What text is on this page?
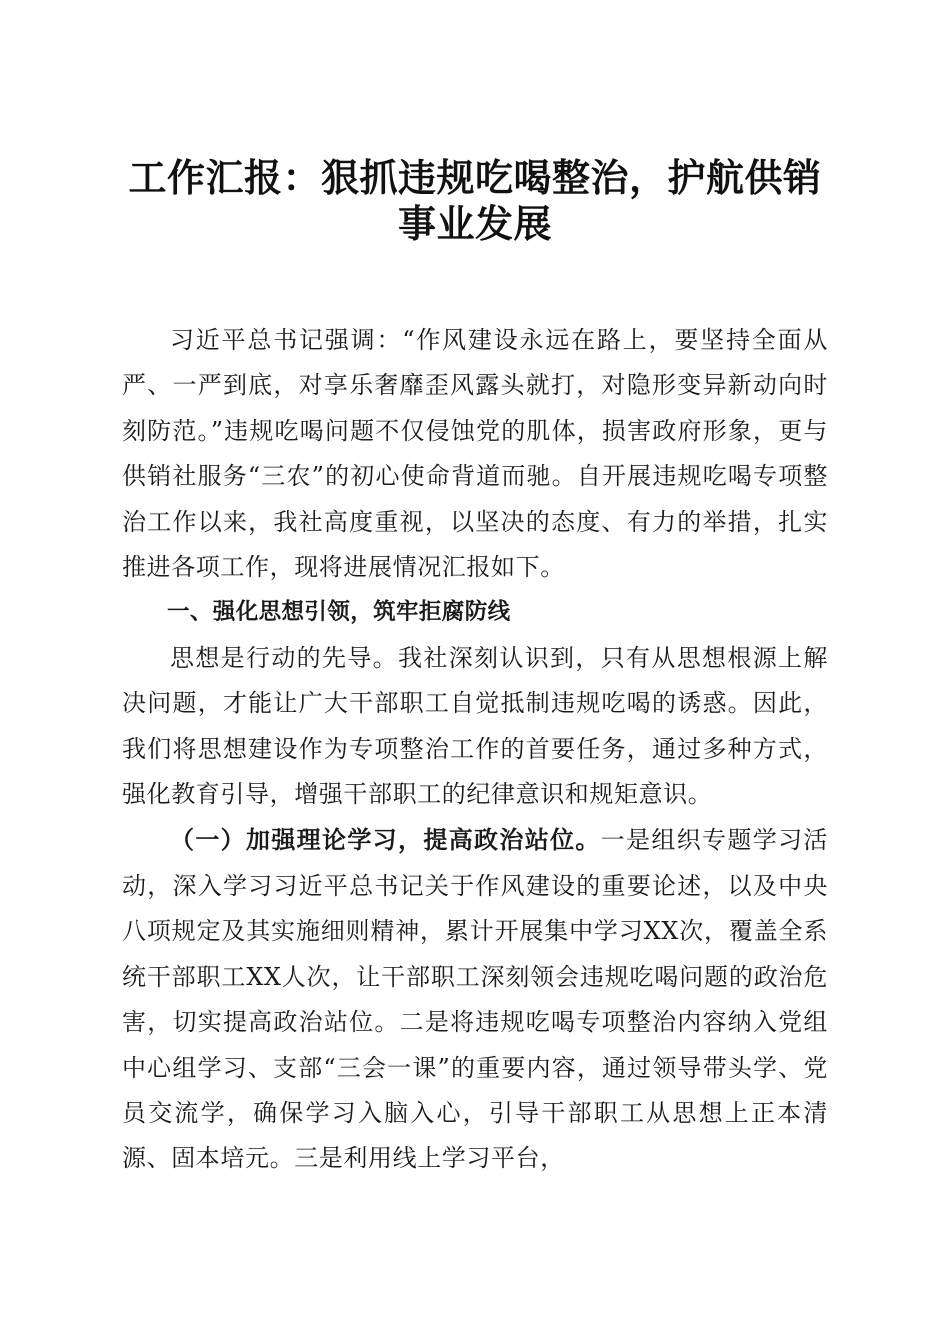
工作汇报：狠抓违规吃喝整治，护航供销事业发展

习近平总书记强调：“作风建设永远在路上，要坚持全面从严、一严到底，对享乐奢靡歪风露头就打，对隐形变异新动向时刻防范。”违规吃喝问题不仅侵蚀党的肌体，损害政府形象，更与供销社服务“三农”的初心使命背道而驰。自开展违规吃喝专项整治工作以来，我社高度重视，以坚决的态度、有力的举措，扎实推进各项工作，现将进展情况汇报如下。

一、强化思想引领，筑牢拒腐防线

思想是行动的先导。我社深刻认识到，只有从思想根源上解决问题，才能让广大干部职工自觉抵制违规吃喝的诱惑。因此，我们将思想建设作为专项整治工作的首要任务，通过多种方式，强化教育引导，增强干部职工的纪律意识和规矩意识。

（一）加强理论学习，提高政治站位。一是组织专题学习活动，深入学习习近平总书记关于作风建设的重要论述，以及中央八项规定及其实施细则精神，累计开展集中学习XX次，覆盖全系统干部职工XX人次，让干部职工深刻领会违规吃喝问题的政治危害，切实提高政治站位。二是将违规吃喝专项整治内容纳入党组中心组学习、支部“三会一课”的重要内容，通过领导带头学、党员交流学，确保学习入脑入心，引导干部职工从思想上正本清源、固本培元。三是利用线上学习平台，
